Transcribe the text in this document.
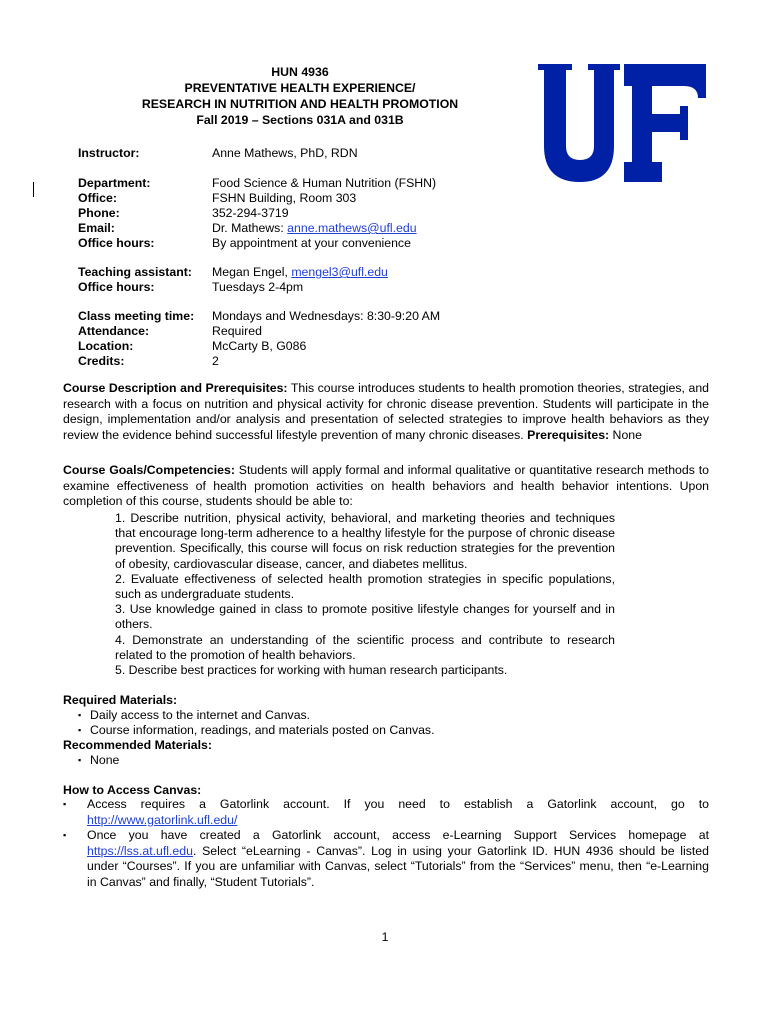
HUN 4936
PREVENTATIVE HEALTH EXPERIENCE/
RESEARCH IN NUTRITION AND HEALTH PROMOTION
Fall 2019 – Sections 031A and 031B
Instructor:	Anne Mathews, PhD, RDN
Department:	Food Science & Human Nutrition (FSHN)
Office:	FSHN Building, Room 303
Phone:	352-294-3719
Email:	Dr. Mathews: anne.mathews@ufl.edu
Office hours:	By appointment at your convenience
Teaching assistant:	Megan Engel, mengel3@ufl.edu
Office hours:	Tuesdays 2-4pm
Class meeting time:	Mondays and Wednesdays: 8:30-9:20 AM
Attendance:	Required
Location:	McCarty B, G086
Credits:	2
Course Description and Prerequisites: This course introduces students to health promotion theories, strategies, and research with a focus on nutrition and physical activity for chronic disease prevention. Students will participate in the design, implementation and/or analysis and presentation of selected strategies to improve health behaviors as they review the evidence behind successful lifestyle prevention of many chronic diseases. Prerequisites: None
Course Goals/Competencies: Students will apply formal and informal qualitative or quantitative research methods to examine effectiveness of health promotion activities on health behaviors and health behavior intentions. Upon completion of this course, students should be able to:
1. Describe nutrition, physical activity, behavioral, and marketing theories and techniques that encourage long-term adherence to a healthy lifestyle for the purpose of chronic disease prevention. Specifically, this course will focus on risk reduction strategies for the prevention of obesity, cardiovascular disease, cancer, and diabetes mellitus.
2. Evaluate effectiveness of selected health promotion strategies in specific populations, such as undergraduate students.
3. Use knowledge gained in class to promote positive lifestyle changes for yourself and in others.
4. Demonstrate an understanding of the scientific process and contribute to research related to the promotion of health behaviors.
5. Describe best practices for working with human research participants.
Required Materials:
▪ Daily access to the internet and Canvas.
▪ Course information, readings, and materials posted on Canvas.
Recommended Materials:
▪ None
How to Access Canvas:
▪	Access requires a Gatorlink account. If you need to establish a Gatorlink account, go to
http://www.gatorlink.ufl.edu/
▪	Once you have created a Gatorlink account, access e-Learning Support Services homepage at
https://lss.at.ufl.edu. Select “eLearning - Canvas”. Log in using your Gatorlink ID. HUN 4936 should be listed under “Courses”. If you are unfamiliar with Canvas, select “Tutorials” from the “Services” menu, then “e-Learning in Canvas” and finally, “Student Tutorials”.
1
